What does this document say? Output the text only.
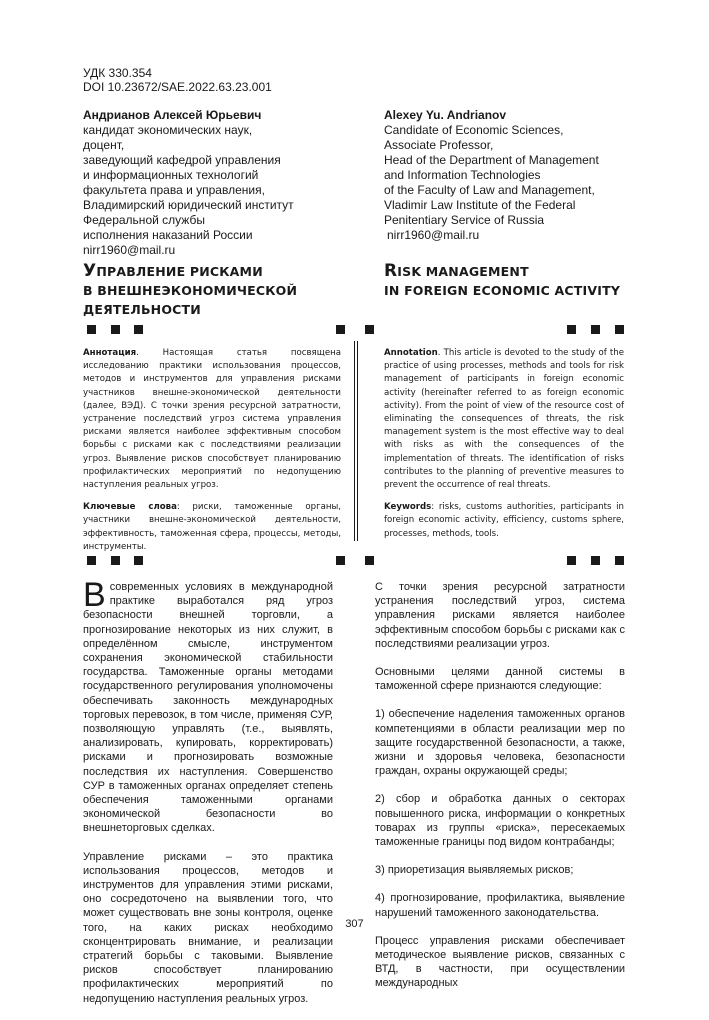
УДК 330.354
DOI 10.23672/SAE.2022.63.23.001
Андрианов Алексей Юрьевич
кандидат экономических наук,
доцент,
заведующий кафедрой управления
и информационных технологий
факультета права и управления,
Владимирский юридический институт
Федеральной службы
исполнения наказаний России
nirr1960@mail.ru
Alexey Yu. Andrianov
Candidate of Economic Sciences,
Associate Professor,
Head of the Department of Management
and Information Technologies
of the Faculty of Law and Management,
Vladimir Law Institute of the Federal
Penitentiary Service of Russia
nirr1960@mail.ru
УПРАВЛЕНИЕ РИСКАМИ
В ВНЕШНЕЭКОНОМИЧЕСКОЙ
ДЕЯТЕЛЬНОСТИ
RISK MANAGEMENT
IN FOREIGN ECONOMIC ACTIVITY

Аннотация. Настоящая статья посвящена исследованию практики использования процессов, методов и инструментов для управления рисками участников внешне-экономической деятельности (далее, ВЭД). С точки зрения ресурсной затратности, устранение последствий угроз система управления рисками является наиболее эффективным способом борьбы с рисками как с последствиями реализации угроз. Выявление рисков способствует планированию профилактических мероприятий по недопущению наступления реальных угроз.

Ключевые слова: риски, таможенные органы, участники внешне-экономической деятельности, эффективность, таможенная сфера, процессы, методы, инструменты.

Annotation. This article is devoted to the study of the practice of using processes, methods and tools for risk management of participants in foreign economic activity (hereinafter referred to as foreign economic activity). From the point of view of the resource cost of eliminating the consequences of threats, the risk management system is the most effective way to deal with risks as with the consequences of the implementation of threats. The identification of risks contributes to the planning of preventive measures to prevent the occurrence of real threats.

Keywords: risks, customs authorities, participants in foreign economic activity, efficiency, customs sphere, processes, methods, tools.

Всовременных условиях в международной практике выработался ряд угроз безопасности внешней торговли, а прогнозирование некоторых из них служит, в определённом смысле, инструментом сохранения экономической стабильности государства. Таможенные органы методами государственного регулирования уполномочены обеспечивать законность международных торговых перевозок, в том числе, применяя СУР, позволяющую управлять (т.е., выявлять, анализировать, купировать, корректировать) рисками и прогнозировать возможные последствия их наступления. Совершенство СУР в таможенных органах определяет степень обеспечения таможенными органами экономической безопасности во внешнеторговых сделках.

Управление рисками – это практика использования процессов, методов и инструментов для управления этими рисками, оно сосредоточено на выявлении того, что может существовать вне зоны контроля, оценке того, на каких рисках необходимо сконцентрировать внимание, и реализации стратегий борьбы с таковыми. Выявление рисков способствует планированию профилактических мероприятий по недопущению наступления реальных угроз.

С точки зрения ресурсной затратности устранения последствий угроз, система управления рисками является наиболее эффективным способом борьбы с рисками как с последствиями реализации угроз.

Основными целями данной системы в таможенной сфере признаются следующие:

1) обеспечение наделения таможенных органов компетенциями в области реализации мер по защите государственной безопасности, а также, жизни и здоровья человека, безопасности граждан, охраны окружающей среды;

2) сбор и обработка данных о секторах повышенного риска, информации о конкретных товарах из группы «риска», пересекаемых таможенные границы под видом контрабанды;

3) приоретизация выявляемых рисков;

4) прогнозирование, профилактика, выявление нарушений таможенного законодательства.

Процесс управления рисками обеспечивает методическое выявление рисков, связанных с ВТД, в частности, при осуществлении международных

307
